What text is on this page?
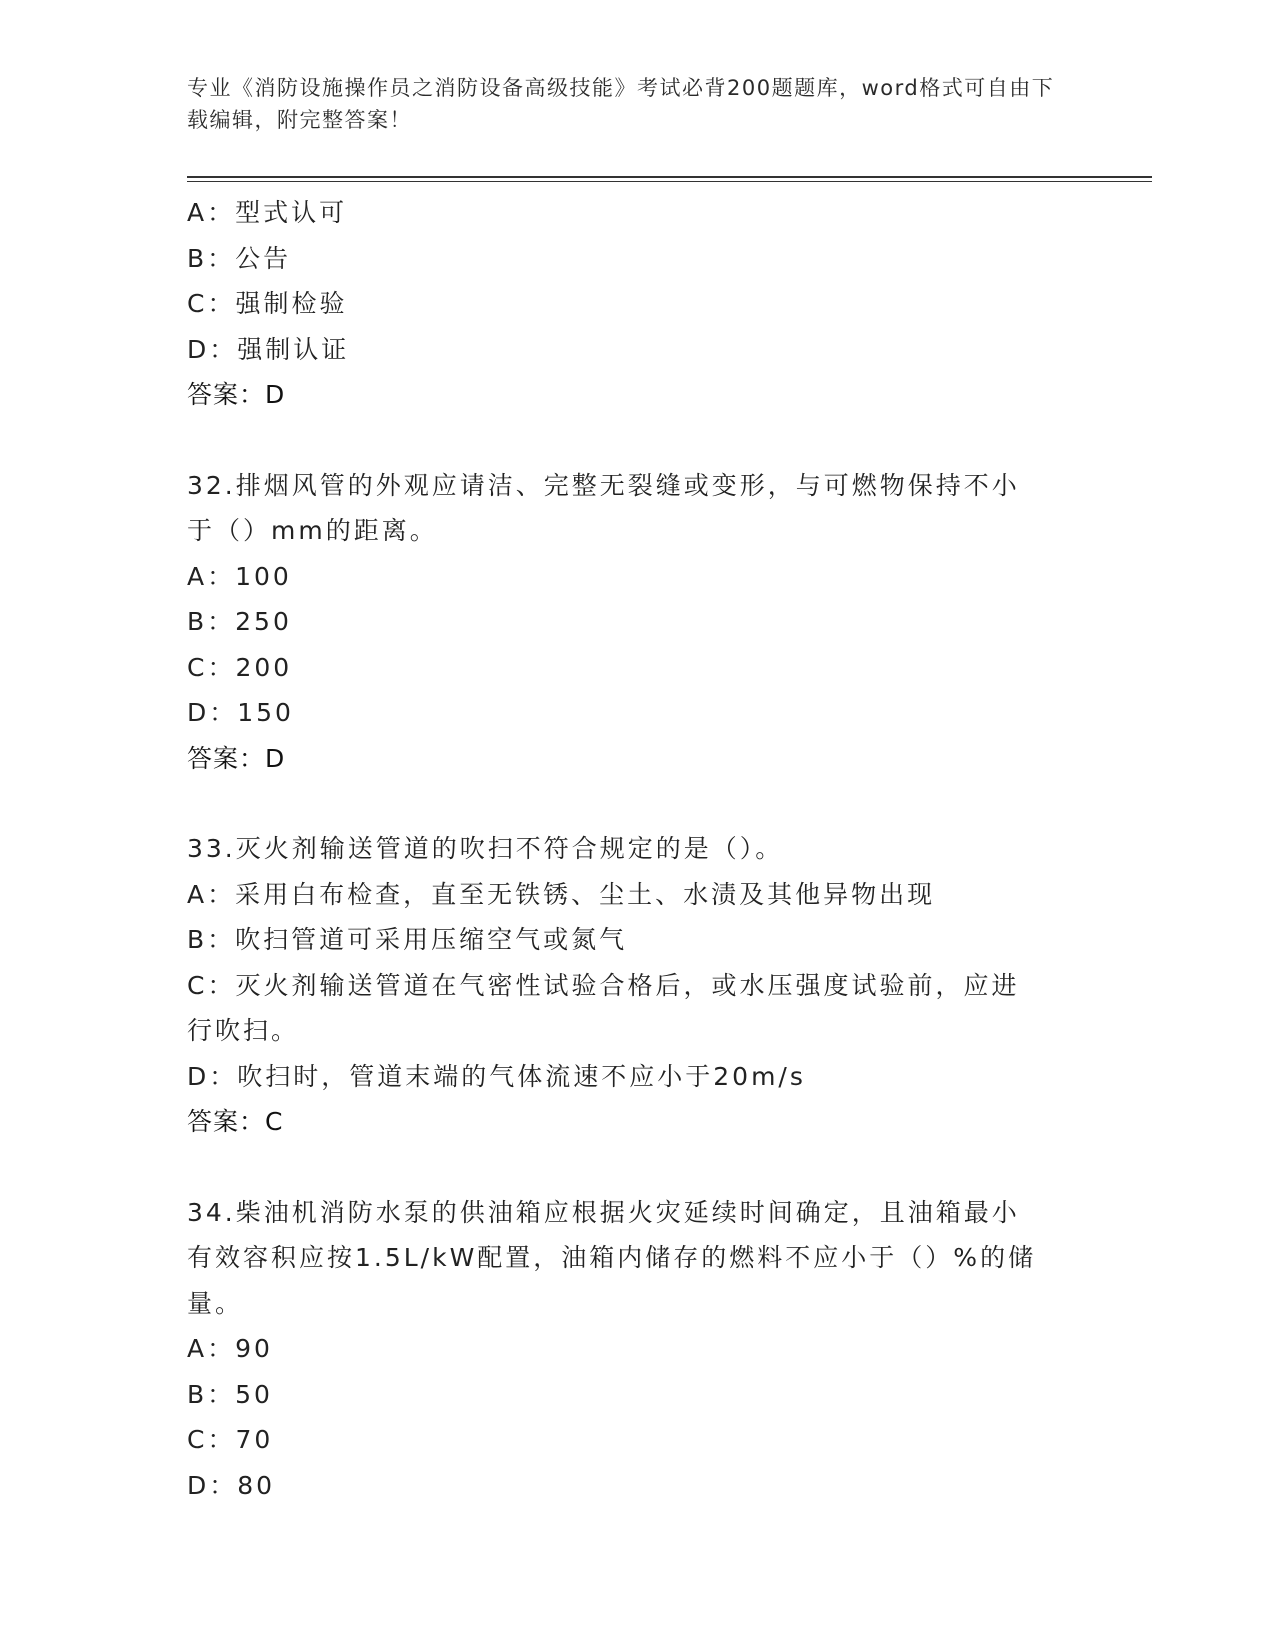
专业《消防设施操作员之消防设备高级技能》考试必背200题题库，word格式可自由下载编辑，附完整答案！
A：型式认可
B：公告
C：强制检验
D：强制认证
答案：D
32.排烟风管的外观应请洁、完整无裂缝或变形，与可燃物保持不小于（）mm的距离。
A：100
B：250
C：200
D：150
答案：D
33.灭火剂输送管道的吹扫不符合规定的是（）。
A：采用白布检查，直至无铁锈、尘土、水渍及其他异物出现
B：吹扫管道可采用压缩空气或氮气
C：灭火剂输送管道在气密性试验合格后，或水压强度试验前，应进行吹扫。
D：吹扫时，管道末端的气体流速不应小于20m/s
答案：C
34.柴油机消防水泵的供油箱应根据火灾延续时间确定，且油箱最小有效容积应按1.5L/kW配置，油箱内储存的燃料不应小于（）%的储量。
A：90
B：50
C：70
D：80
